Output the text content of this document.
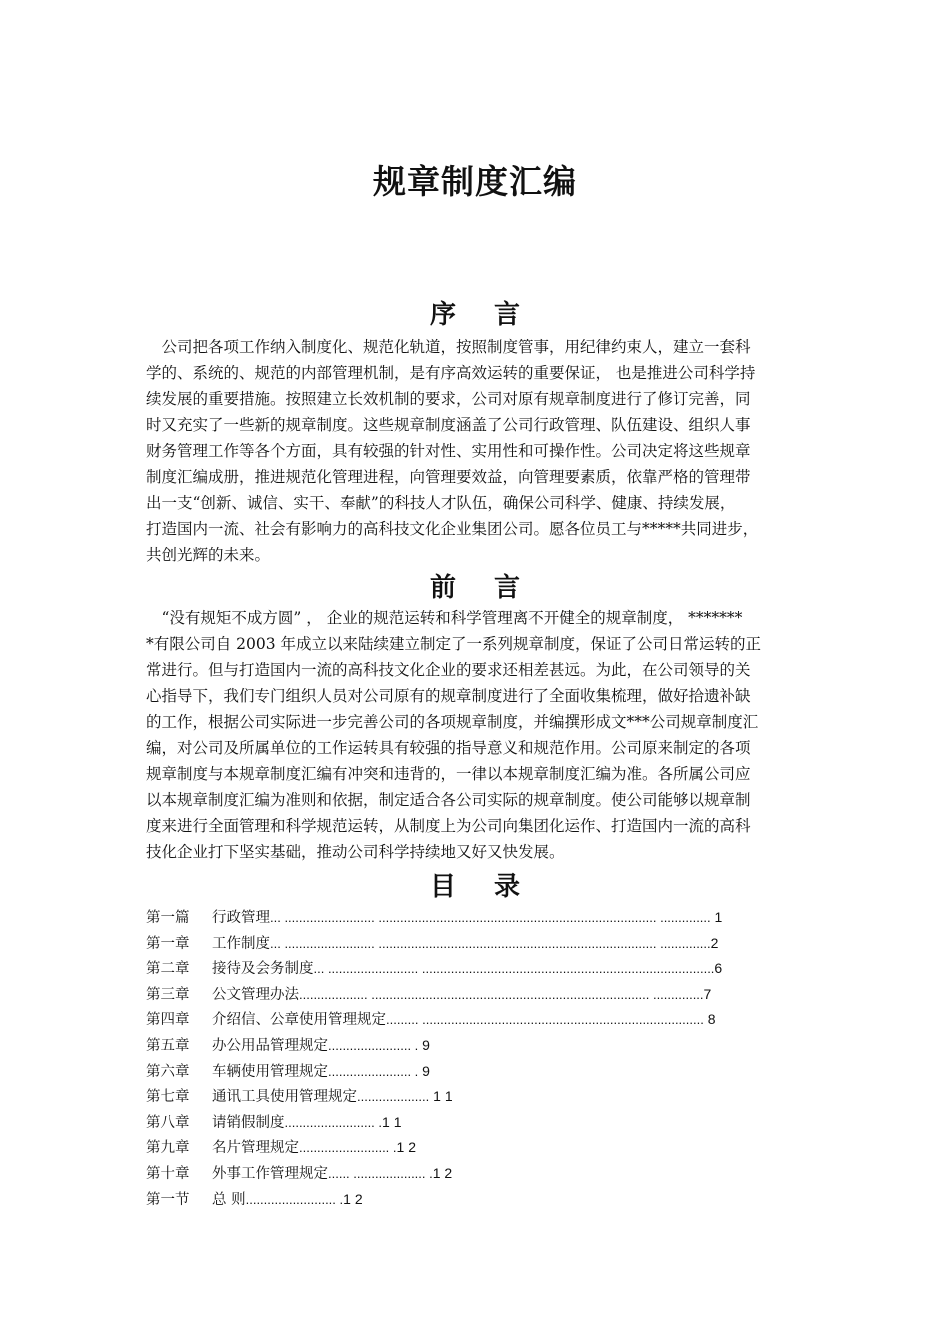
规章制度汇编
序 言
　公司把各项工作纳入制度化、规范化轨道，按照制度管事，用纪律约束人，建立一套科
学的、系统的、规范的内部管理机制，是有序高效运转的重要保证， 也是推进公司科学持
续发展的重要措施。按照建立长效机制的要求，公司对原有规章制度进行了修订完善，同
时又充实了一些新的规章制度。这些规章制度涵盖了公司行政管理、队伍建设、组织人事
财务管理工作等各个方面，具有较强的针对性、实用性和可操作性。公司决定将这些规章
制度汇编成册，推进规范化管理进程，向管理要效益，向管理要素质，依靠严格的管理带
出一支“创新、诚信、实干、奉献”的科技人才队伍，确保公司科学、健康、持续发展，
打造国内一流、社会有影响力的高科技文化企业集团公司。愿各位员工与*****共同进步，
共创光辉的未来。
前 言
　“没有规矩不成方圆” ， 企业的规范运转和科学管理离不开健全的规章制度， *******
*有限公司自 2003 年成立以来陆续建立制定了一系列规章制度，保证了公司日常运转的正
常进行。但与打造国内一流的高科技文化企业的要求还相差甚远。为此，在公司领导的关
心指导下，我们专门组织人员对公司原有的规章制度进行了全面收集梳理，做好拾遗补缺
的工作，根据公司实际进一步完善公司的各项规章制度，并编撰形成文***公司规章制度汇
编，对公司及所属单位的工作运转具有较强的指导意义和规范作用。公司原来制定的各项
规章制度与本规章制度汇编有冲突和违背的，一律以本规章制度汇编为准。各所属公司应
以本规章制度汇编为准则和依据，制定适合各公司实际的规章制度。使公司能够以规章制
度来进行全面管理和科学规范运转，从制度上为公司向集团化运作、打造国内一流的高科
技化企业打下坚实基础，推动公司科学持续地又好又快发展。
目 录
第一篇 行政管理... ......................... ............................................................................. .............. 1
第一章 工作制度... ......................... ............................................................................. ..............2
第二章 接待及会务制度... ......................... .................................................................................6
第三章 公文管理办法................... ............................................................................. ..............7
第四章 介绍信、公章使用管理规定......... .............................................................................. 8
第五章 办公用品管理规定....................... . 9
第六章 车辆使用管理规定....................... . 9
第七章 通讯工具使用管理规定.................... 1 1
第八章 请销假制度......................... .1 1
第九章 名片管理规定......................... .1 2
第十章 外事工作管理规定...... .................... .1 2
第一节 总 则......................... .1 2
